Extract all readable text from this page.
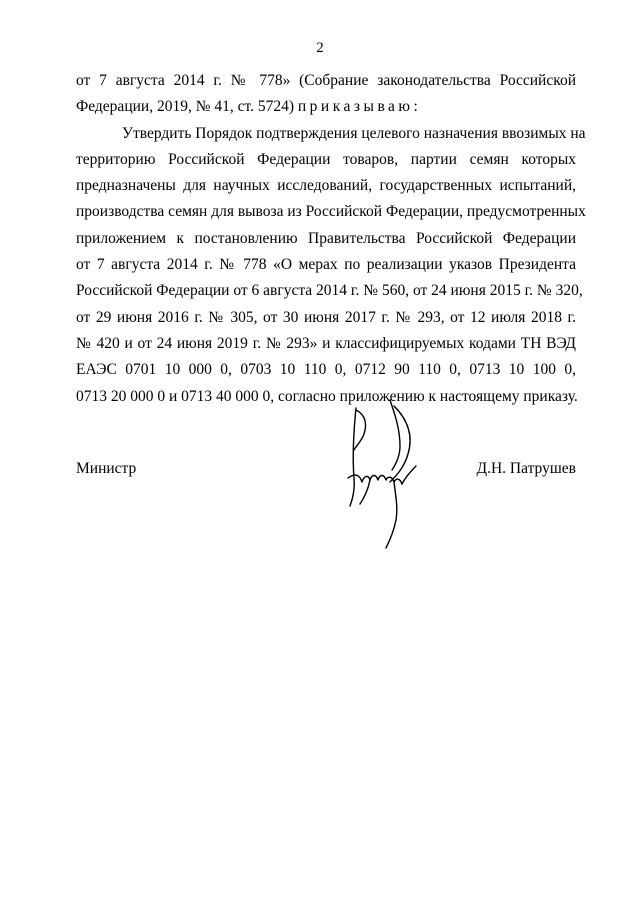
2
от 7 августа 2014 г. № 778» (Собрание законодательства Российской
Федерации, 2019, № 41, ст. 5724) приказываю:
Утвердить Порядок подтверждения целевого назначения ввозимых на
территорию Российской Федерации товаров, партии семян которых
предназначены для научных исследований, государственных испытаний,
производства семян для вывоза из Российской Федерации, предусмотренных
приложением к постановлению Правительства Российской Федерации
от 7 августа 2014 г. № 778 «О мерах по реализации указов Президента
Российской Федерации от 6 августа 2014 г. № 560, от 24 июня 2015 г. № 320,
от 29 июня 2016 г. № 305, от 30 июня 2017 г. № 293, от 12 июля 2018 г.
№ 420 и от 24 июня 2019 г. № 293» и классифицируемых кодами ТН ВЭД
ЕАЭС 0701 10 000 0, 0703 10 110 0, 0712 90 110 0, 0713 10 100 0,
0713 20 000 0 и 0713 40 000 0, согласно приложению к настоящему приказу.
Министр	Д.Н. Патрушев
